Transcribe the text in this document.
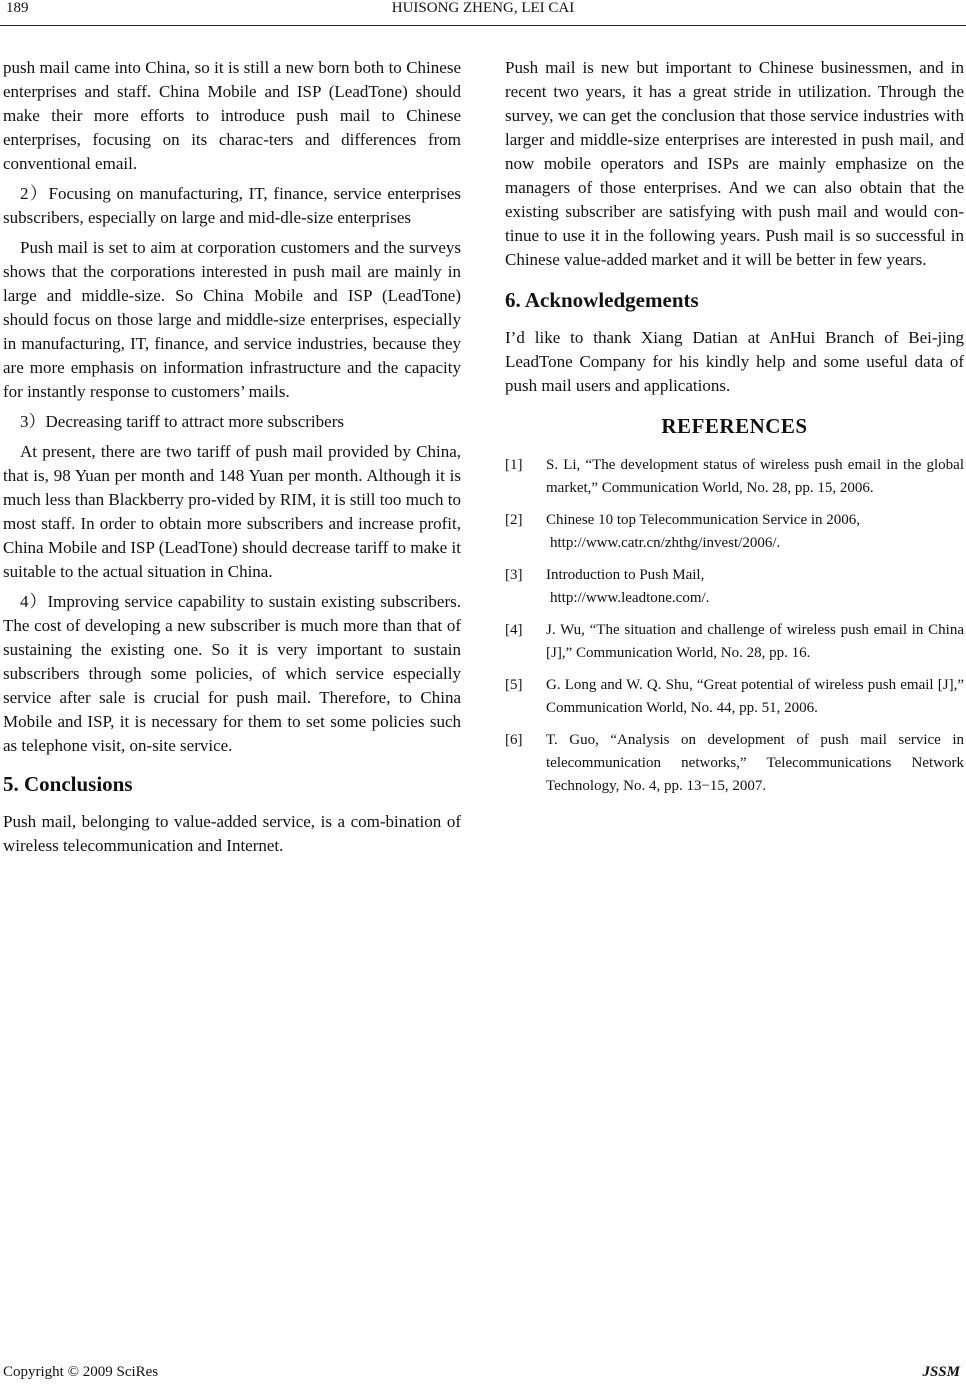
189	HUISONG ZHENG, LEI CAI

push mail came into China, so it is still a new born both to Chinese enterprises and staff. China Mobile and ISP (LeadTone) should make their more efforts to introduce push mail to Chinese enterprises, focusing on its charac-ters and differences from conventional email.

2）Focusing on manufacturing, IT, finance, service enterprises subscribers, especially on large and mid-dle-size enterprises

Push mail is set to aim at corporation customers and the surveys shows that the corporations interested in push mail are mainly in large and middle-size. So China Mobile and ISP (LeadTone) should focus on those large and middle-size enterprises, especially in manufacturing, IT, finance, and service industries, because they are more emphasis on information infrastructure and the capacity for instantly response to customers’ mails.

3）Decreasing tariff to attract more subscribers

At present, there are two tariff of push mail provided by China, that is, 98 Yuan per month and 148 Yuan per month. Although it is much less than Blackberry pro-vided by RIM, it is still too much to most staff. In order to obtain more subscribers and increase profit, China Mobile and ISP (LeadTone) should decrease tariff to make it suitable to the actual situation in China.

4）Improving service capability to sustain existing subscribers. The cost of developing a new subscriber is much more than that of sustaining the existing one. So it is very important to sustain subscribers through some policies, of which service especially service after sale is crucial for push mail. Therefore, to China Mobile and ISP, it is necessary for them to set some policies such as telephone visit, on-site service.

5. Conclusions

Push mail, belonging to value-added service, is a com-bination of wireless telecommunication and Internet.

Push mail is new but important to Chinese businessmen, and in recent two years, it has a great stride in utilization. Through the survey, we can get the conclusion that those service industries with larger and middle-size enterprises are interested in push mail, and now mobile operators and ISPs are mainly emphasize on the managers of those enterprises. And we can also obtain that the existing subscriber are satisfying with push mail and would con-tinue to use it in the following years. Push mail is so successful in Chinese value-added market and it will be better in few years.

6. Acknowledgements

I’d like to thank Xiang Datian at AnHui Branch of Bei-jing LeadTone Company for his kindly help and some useful data of push mail users and applications.

REFERENCES
[1] S. Li, “The development status of wireless push email in the global market,” Communication World, No. 28, pp. 15, 2006.
[2] Chinese 10 top Telecommunication Service in 2006,
http://www.catr.cn/zhthg/invest/2006/.
[3] Introduction to Push Mail,
http://www.leadtone.com/.
[4] J. Wu, “The situation and challenge of wireless push email in China [J],” Communication World, No. 28, pp. 16.
[5] G. Long and W. Q. Shu, “Great potential of wireless push email [J],” Communication World, No. 44, pp. 51, 2006.
[6] T. Guo, “Analysis on development of push mail service in telecommunication networks,” Telecommunications Network Technology, No. 4, pp. 13−15, 2007.
Copyright © 2009 SciRes	JSSM
